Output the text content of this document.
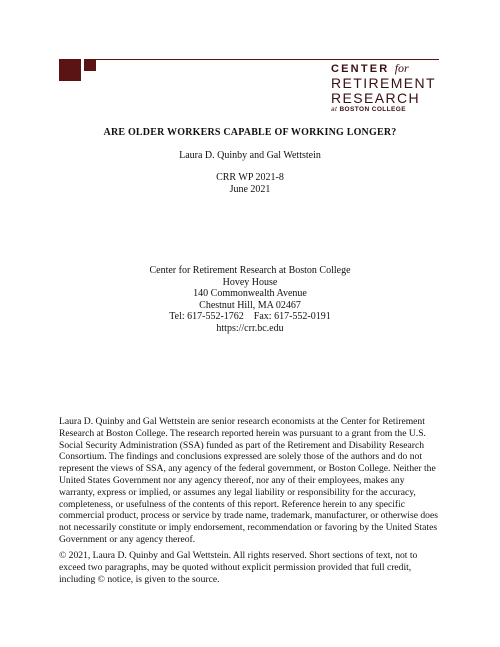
CENTER for
RETIREMENT
RESEARCH
at BOSTON COLLEGE
ARE OLDER WORKERS CAPABLE OF WORKING LONGER?
Laura D. Quinby and Gal Wettstein
CRR WP 2021-8
June 2021
Center for Retirement Research at Boston College
Hovey House
140 Commonwealth Avenue
Chestnut Hill, MA 02467
Tel: 617-552-1762    Fax: 617-552-0191
https://crr.bc.edu
Laura D. Quinby and Gal Wettstein are senior research economists at the Center for Retirement Research at Boston College. The research reported herein was pursuant to a grant from the U.S. Social Security Administration (SSA) funded as part of the Retirement and Disability Research Consortium. The findings and conclusions expressed are solely those of the authors and do not represent the views of SSA, any agency of the federal government, or Boston College. Neither the United States Government nor any agency thereof, nor any of their employees, makes any warranty, express or implied, or assumes any legal liability or responsibility for the accuracy, completeness, or usefulness of the contents of this report. Reference herein to any specific commercial product, process or service by trade name, trademark, manufacturer, or otherwise does not necessarily constitute or imply endorsement, recommendation or favoring by the United States Government or any agency thereof.
© 2021, Laura D. Quinby and Gal Wettstein. All rights reserved. Short sections of text, not to exceed two paragraphs, may be quoted without explicit permission provided that full credit, including © notice, is given to the source.
